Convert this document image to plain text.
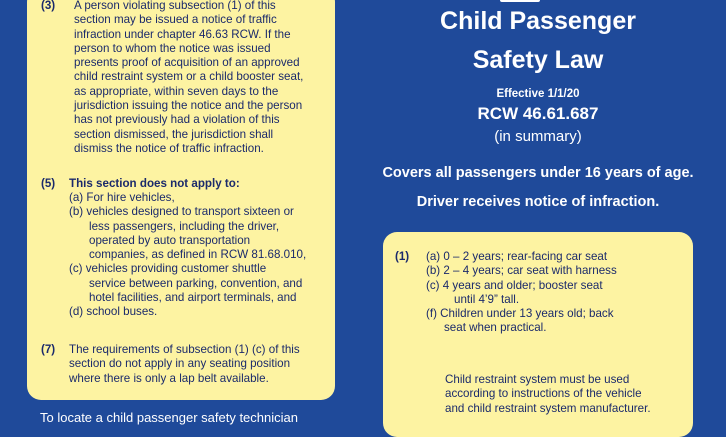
(3) A person violating subsection (1) of this
section may be issued a notice of traffic
infraction under chapter 46.63 RCW. If the
person to whom the notice was issued
presents proof of acquisition of an approved
child restraint system or a child booster seat,
as appropriate, within seven days to the
jurisdiction issuing the notice and the person
has not previously had a violation of this
section dismissed, the jurisdiction shall
dismiss the notice of traffic infraction.
(5) This section does not apply to:
(a) For hire vehicles,
(b) vehicles designed to transport sixteen or
less passengers, including the driver,
operated by auto transportation
companies, as defined in RCW 81.68.010,
(c) vehicles providing customer shuttle
service between parking, convention, and
hotel facilities, and airport terminals, and
(d) school buses.
(7) The requirements of subsection (1) (c) of this
section do not apply in any seating position
where there is only a lap belt available.
Child Passenger
Safety Law
Effective 1/1/20
RCW 46.61.687
(in summary)
Covers all passengers under 16 years of age.
Driver receives notice of infraction.
(1) (a) 0 – 2 years; rear-facing car seat
(b) 2 – 4 years; car seat with harness
(c) 4 years and older; booster seat
until 4’9” tall.
(f) Children under 13 years old; back
seat when practical.
Child restraint system must be used
according to instructions of the vehicle
and child restraint system manufacturer.
To locate a child passenger safety technician
